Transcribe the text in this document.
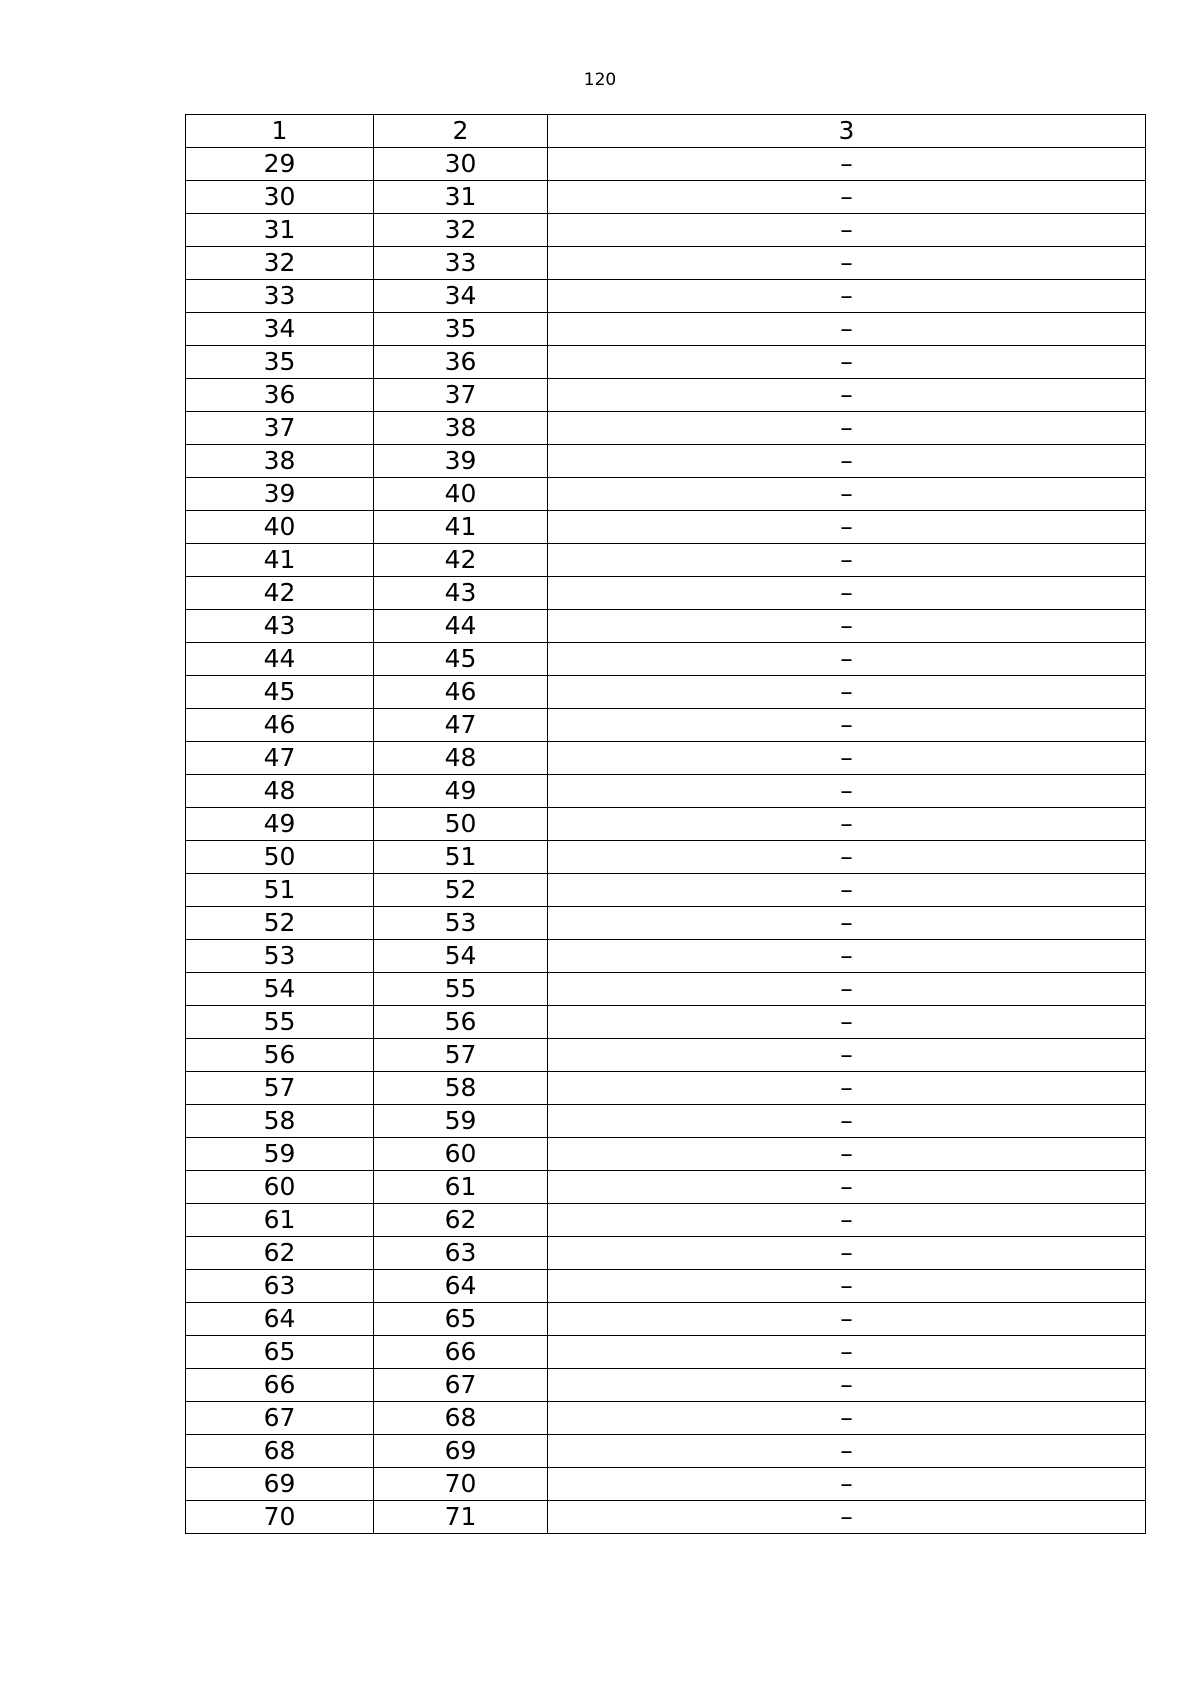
120
1	2	3
29	30	–
30	31	–
31	32	–
32	33	–
33	34	–
34	35	–
35	36	–
36	37	–
37	38	–
38	39	–
39	40	–
40	41	–
41	42	–
42	43	–
43	44	–
44	45	–
45	46	–
46	47	–
47	48	–
48	49	–
49	50	–
50	51	–
51	52	–
52	53	–
53	54	–
54	55	–
55	56	–
56	57	–
57	58	–
58	59	–
59	60	–
60	61	–
61	62	–
62	63	–
63	64	–
64	65	–
65	66	–
66	67	–
67	68	–
68	69	–
69	70	–
70	71	–
